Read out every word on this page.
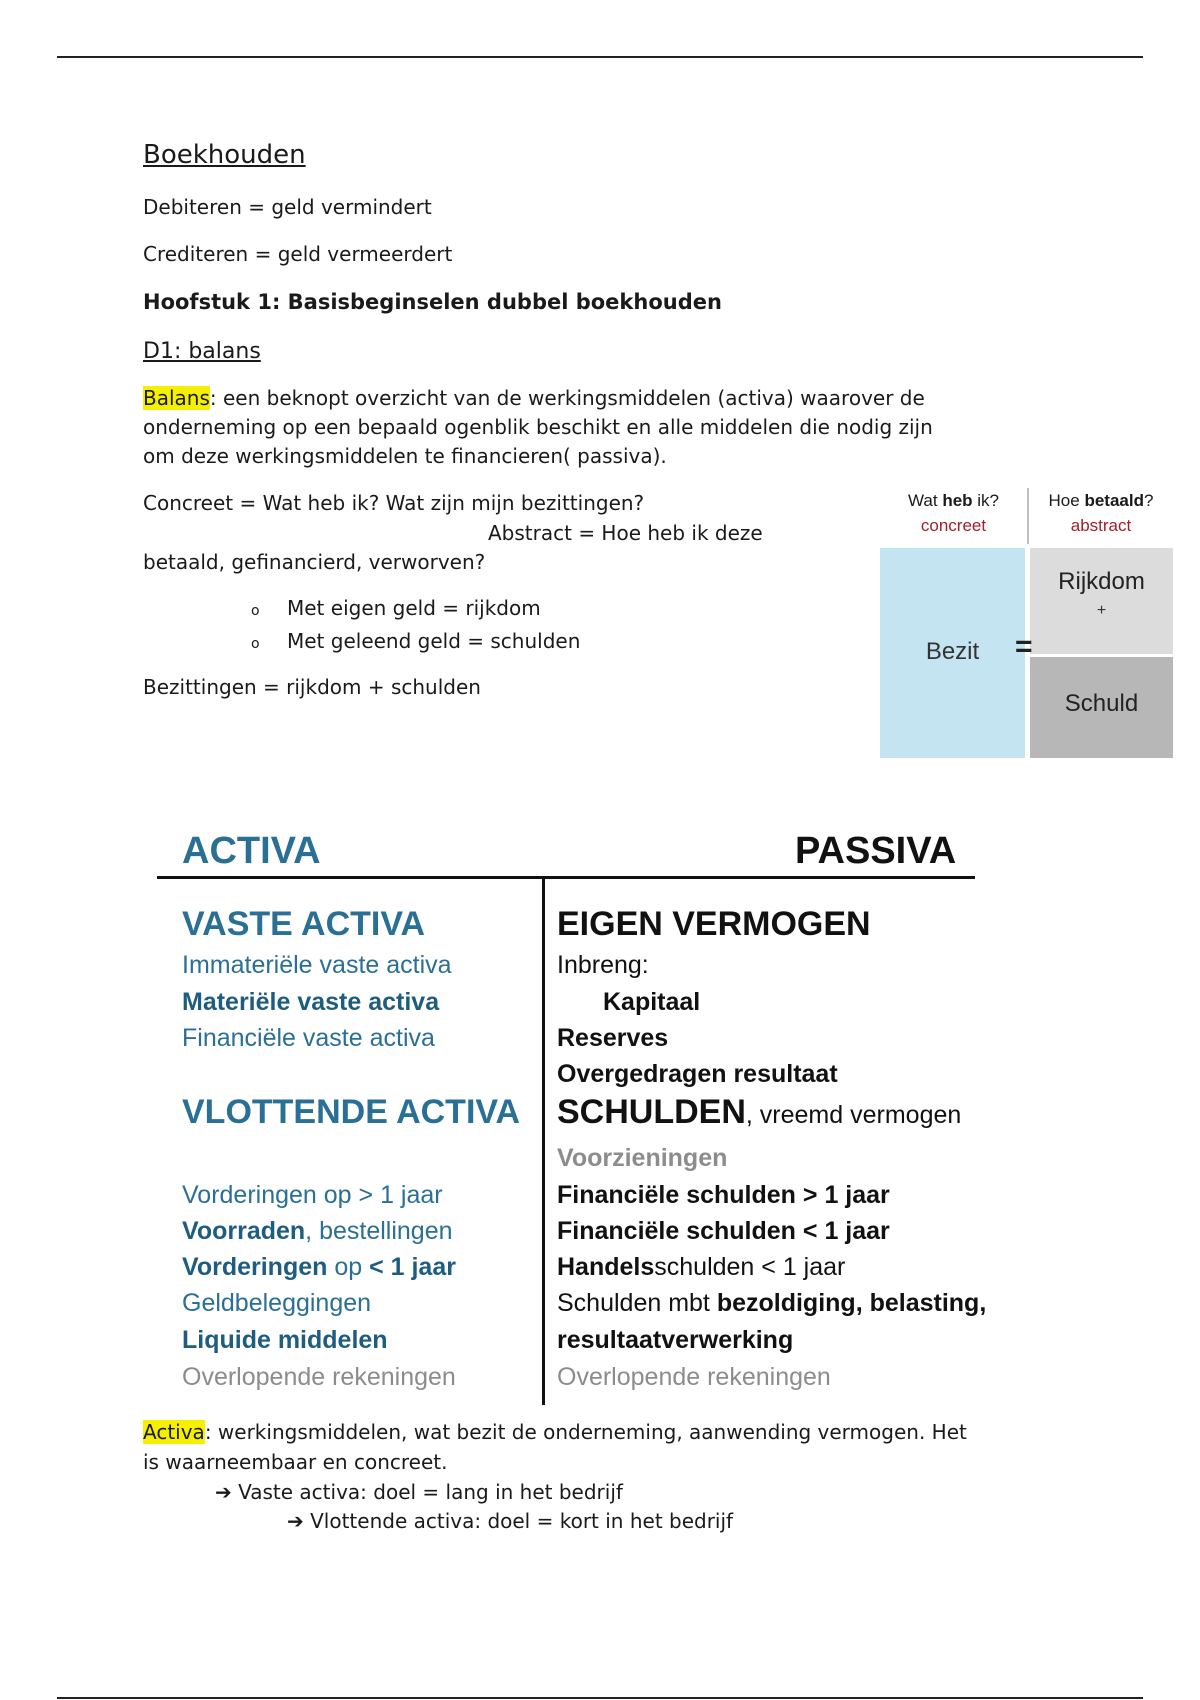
Boekhouden
Debiteren = geld vermindert
Crediteren = geld vermeerdert
Hoofstuk 1: Basisbeginselen dubbel boekhouden
D1: balans
Balans: een beknopt overzicht van de werkingsmiddelen (activa) waarover de
onderneming op een bepaald ogenblik beschikt en alle middelen die nodig zijn
om deze werkingsmiddelen te financieren( passiva).
Concreet = Wat heb ik? Wat zijn mijn bezittingen?
Abstract = Hoe heb ik deze
betaald, gefinancierd, verworven?
o Met eigen geld = rijkdom
o Met geleend geld = schulden
Bezittingen = rijkdom + schulden
Wat heb ik?
concreet
Hoe betaald?
abstract
Bezit
Rijkdom
+
Schuld
=
ACTIVA	PASSIVA
VASTE ACTIVA
Immateriële vaste activa
Materiële vaste activa
Financiële vaste activa
VLOTTENDE ACTIVA
Vorderingen op > 1 jaar
Voorraden, bestellingen
Vorderingen op < 1 jaar
Geldbeleggingen
Liquide middelen
Overlopende rekeningen
EIGEN VERMOGEN
Inbreng:
Kapitaal
Reserves
Overgedragen resultaat
SCHULDEN, vreemd vermogen
Voorzieningen
Financiële schulden > 1 jaar
Financiële schulden < 1 jaar
Handelsschulden < 1 jaar
Schulden mbt bezoldiging, belasting,
resultaatverwerking
Overlopende rekeningen
Activa: werkingsmiddelen, wat bezit de onderneming, aanwending vermogen. Het
is waarneembaar en concreet.
➔ Vaste activa: doel = lang in het bedrijf
➔ Vlottende activa: doel = kort in het bedrijf
